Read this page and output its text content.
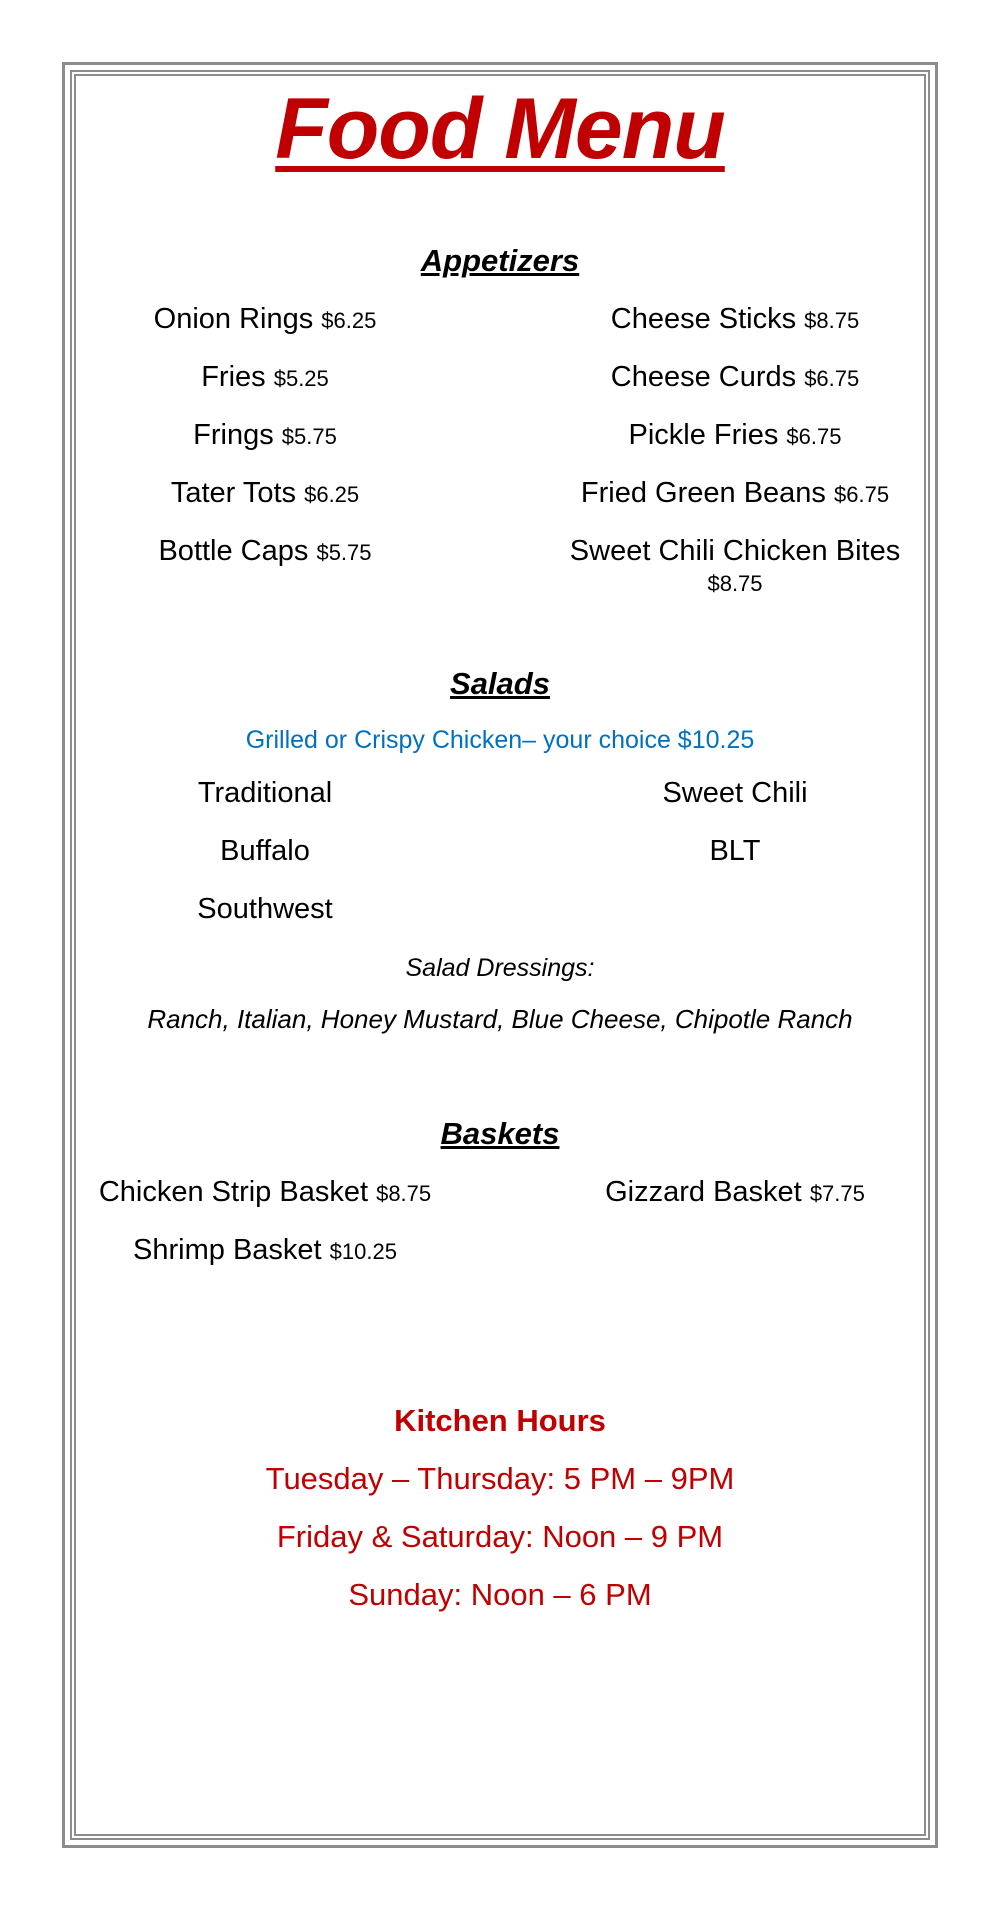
Food Menu
Appetizers
Onion Rings $6.25
Fries $5.25
Frings $5.75
Tater Tots $6.25
Bottle Caps $5.75
Cheese Sticks $8.75
Cheese Curds $6.75
Pickle Fries $6.75
Fried Green Beans $6.75
Sweet Chili Chicken Bites
$8.75
Salads
Grilled or Crispy Chicken– your choice $10.25
Traditional
Buffalo
Southwest
Sweet Chili
BLT
Salad Dressings:
Ranch, Italian, Honey Mustard, Blue Cheese, Chipotle Ranch
Baskets
Chicken Strip Basket $8.75
Shrimp Basket $10.25
Gizzard Basket $7.75
Kitchen Hours
Tuesday – Thursday: 5 PM – 9PM
Friday & Saturday: Noon – 9 PM
Sunday: Noon – 6 PM
